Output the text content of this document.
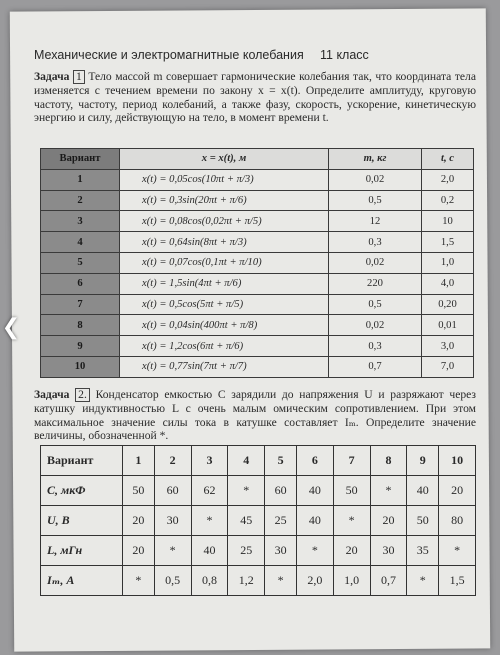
❮
Механические и электромагнитные колебания 11 класс
Задача 1 Тело массой m совершает гармонические колебания так, что координата тела изменяется с течением времени по закону x = x(t). Определите амплитуду, круговую частоту, частоту, период колебаний, а также фазу, скорость, ускорение, кинетическую энергию и силу, действующую на тело, в момент времени t.
Вариант	x = x(t), м	m, кг	t, с
1	x(t) = 0,05cos(10πt + π/3)	0,02	2,0
2	x(t) = 0,3sin(20πt + π/6)	0,5	0,2
3	x(t) = 0,08cos(0,02πt + π/5)	12	10
4	x(t) = 0,64sin(8πt + π/3)	0,3	1,5
5	x(t) = 0,07cos(0,1πt + π/10)	0,02	1,0
6	x(t) = 1,5sin(4πt + π/6)	220	4,0
7	x(t) = 0,5cos(5πt + π/5)	0,5	0,20
8	x(t) = 0,04sin(400πt + π/8)	0,02	0,01
9	x(t) = 1,2cos(6πt + π/6)	0,3	3,0
10	x(t) = 0,77sin(7πt + π/7)	0,7	7,0
Задача 2. Конденсатор емкостью C зарядили до напряжения U и разряжают через катушку индуктивностью L с очень малым омическим сопротивлением. При этом максимальное значение силы тока в катушке составляет Iₘ. Определите значение величины, обозначенной *.
Вариант	1	2	3	4	5	6	7	8	9	10
C, мкФ	50	60	62	*	60	40	50	*	40	20
U, В	20	30	*	45	25	40	*	20	50	80
L, мГн	20	*	40	25	30	*	20	30	35	*
Iₘ, А	*	0,5	0,8	1,2	*	2,0	1,0	0,7	*	1,5
